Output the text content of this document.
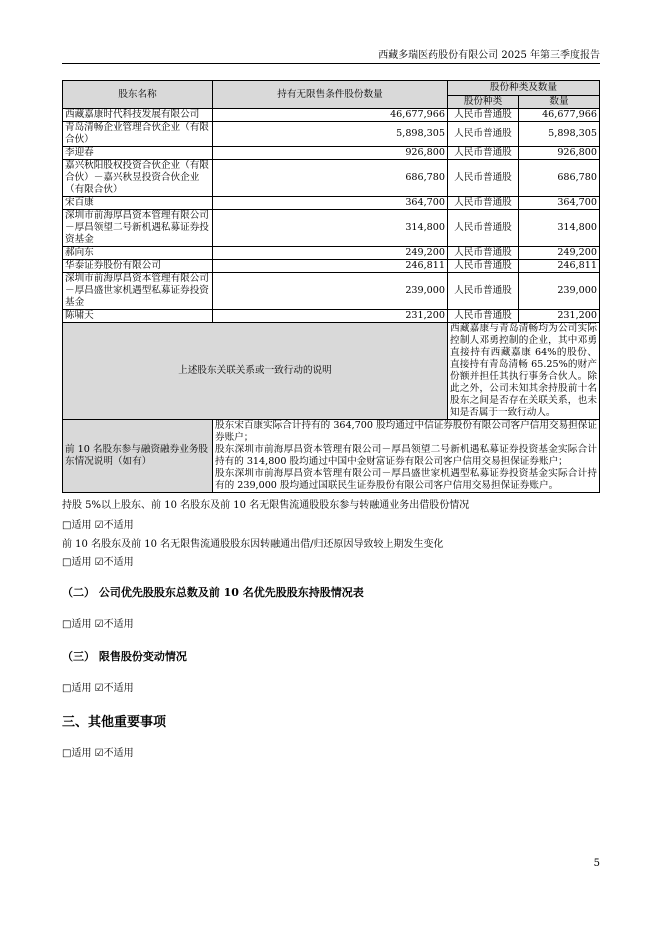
西藏多瑞医药股份有限公司 2025 年第三季度报告
股东名称	持有无限售条件股份数量	股份种类及数量	
		股份种类	数量
西藏嘉康时代科技发展有限公司	46,677,966	人民币普通股	46,677,966
青岛清畅企业管理合伙企业（有限合伙）	5,898,305	人民币普通股	5,898,305
李迎春	926,800	人民币普通股	926,800
嘉兴秋阳股权投资合伙企业（有限合伙）－嘉兴秋昱投资合伙企业（有限合伙）	686,780	人民币普通股	686,780
宋百康	364,700	人民币普通股	364,700
深圳市前海厚昌资本管理有限公司－厚昌领望二号新机遇私募证券投资基金	314,800	人民币普通股	314,800
郝向东	249,200	人民币普通股	249,200
华泰证券股份有限公司	246,811	人民币普通股	246,811
深圳市前海厚昌资本管理有限公司－厚昌盛世家机遇型私募证券投资基金	239,000	人民币普通股	239,000
陈啸天	231,200	人民币普通股	231,200
上述股东关联关系或一致行动的说明		西藏嘉康与青岛清畅均为公司实际控制人邓勇控制的企业，其中邓勇直接持有西藏嘉康 64%的股份、直接持有青岛清畅 65.25%的财产份额并担任其执行事务合伙人。除此之外，公司未知其余持股前十名股东之间是否存在关联关系，也未知是否属于一致行动人。	
前 10 名股东参与融资融券业务股东情况说明（如有）	股东宋百康实际合计持有的 364,700 股均通过中信证券股份有限公司客户信用交易担保证券账户；
股东深圳市前海厚昌资本管理有限公司－厚昌领望二号新机遇私募证券投资基金实际合计持有的 314,800 股均通过中国中金财富证券有限公司客户信用交易担保证券账户；
股东深圳市前海厚昌资本管理有限公司－厚昌盛世家机遇型私募证券投资基金实际合计持有的 239,000 股均通过国联民生证券股份有限公司客户信用交易担保证券账户。		
持股 5%以上股东、前 10 名股东及前 10 名无限售流通股股东参与转融通业务出借股份情况
□适用 ☑不适用
前 10 名股东及前 10 名无限售流通股股东因转融通出借/归还原因导致较上期发生变化
□适用 ☑不适用
（二） 公司优先股股东总数及前 10 名优先股股东持股情况表
□适用 ☑不适用
（三） 限售股份变动情况
□适用 ☑不适用
三、其他重要事项
□适用 ☑不适用
5
